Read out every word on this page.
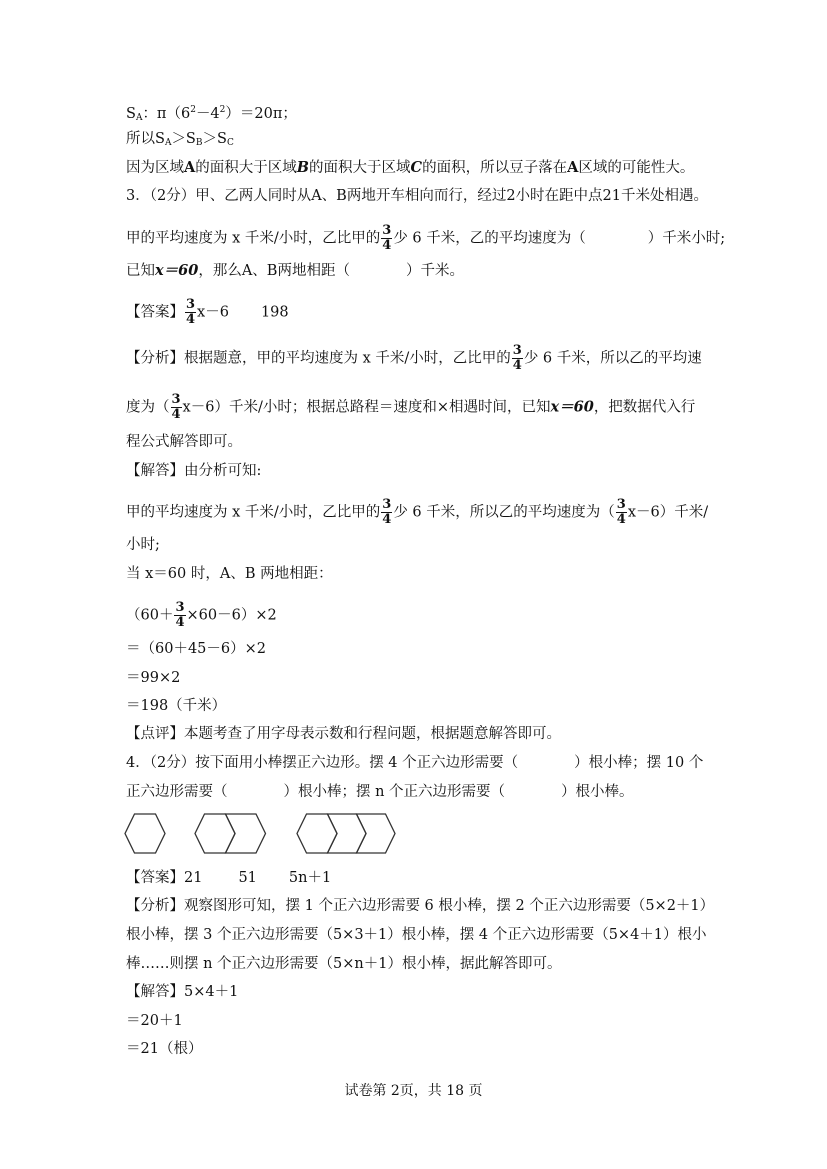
$S_A$：$\pi(6^2-4^2)=20\pi$；
所以$S_A>S_B>S_C$
因为区域A的面积大于区域B的面积大于区域C的面积，所以豆子落在A区域的可能性大。
3．（2分）甲、乙两人同时从A、B两地开车相向而行，经过2小时在距中点21千米处相遇。
甲的平均速度为 x 千米/小时，乙比甲的 $\frac{3}{4}$ 少 6 千米，乙的平均速度为（	）千米小时;
已知x＝60，那么A、B两地相距（	）千米。
【答案】 $\frac{3}{4} x-6$ 198
【分析】根据题意，甲的平均速度为 x 千米/小时，乙比甲的 $\frac{3}{4}$ 少 6 千米，所以乙的平均速
度为（ $\frac{3}{4} x-6$）千米/小时；根据总路程＝速度和×相遇时间，已知x＝60，把数据代入行
程公式解答即可。
【解答】由分析可知:
甲的平均速度为 x 千米/小时，乙比甲的 $\frac{3}{4}$ 少 6 千米，所以乙的平均速度为（ $\frac{3}{4} x-6$）千米/
小时;
当 x＝60 时，A、B 两地相距：
$(60+ \frac{3}{4} \times 60-6)\times 2$
＝（60＋45－6）×2
＝99×2
＝198（千米）
【点评】本题考查了用字母表示数和行程问题，根据题意解答即可。
4．（2分）按下面用小棒摆正六边形。摆 4 个正六边形需要（	）根小棒；摆 10 个
正六边形需要（	）根小棒；摆 n 个正六边形需要（	）根小棒。
【答案】21 51 5n＋1
【分析】观察图形可知，摆 1 个正六边形需要 6 根小棒，摆 2 个正六边形需要（5×2＋1）
根小棒，摆 3 个正六边形需要（5×3＋1）根小棒，摆 4 个正六边形需要（5×4＋1）根小
棒……则摆 n 个正六边形需要（5×n＋1）根小棒，据此解答即可。
【解答】5×4＋1
＝20＋1
＝21（根）
试卷第 2页，共 18 页
